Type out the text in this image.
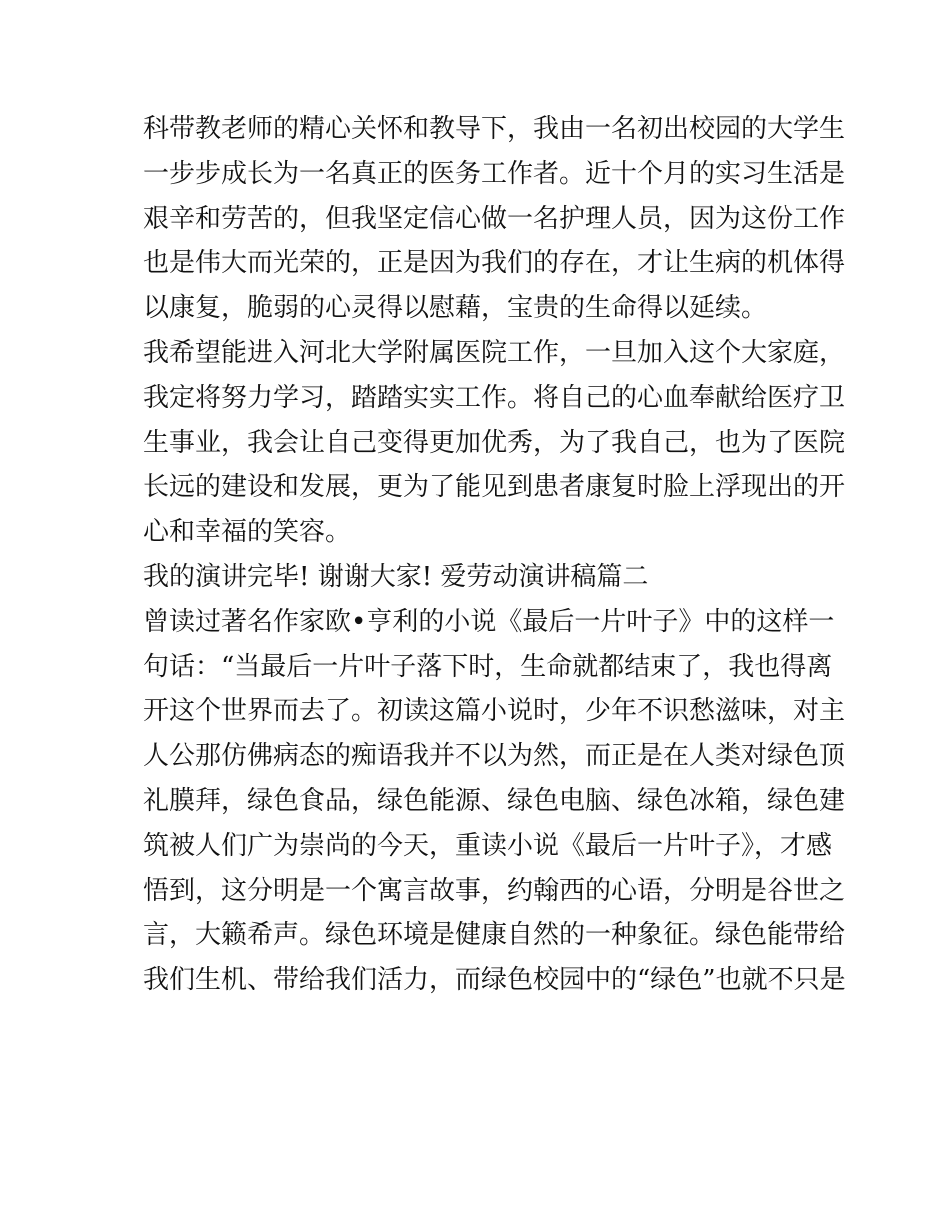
科带教老师的精心关怀和教导下，我由一名初出校园的大学生
一步步成长为一名真正的医务工作者。近十个月的实习生活是
艰辛和劳苦的，但我坚定信心做一名护理人员，因为这份工作
也是伟大而光荣的，正是因为我们的存在，才让生病的机体得
以康复，脆弱的心灵得以慰藉，宝贵的生命得以延续。
我希望能进入河北大学附属医院工作，一旦加入这个大家庭，
我定将努力学习，踏踏实实工作。将自己的心血奉献给医疗卫
生事业，我会让自己变得更加优秀，为了我自己，也为了医院
长远的建设和发展，更为了能见到患者康复时脸上浮现出的开
心和幸福的笑容。
我的演讲完毕! 谢谢大家! 爱劳动演讲稿篇二
曾读过著名作家欧•亨利的小说《最后一片叶子》中的这样一
句话：“当最后一片叶子落下时，生命就都结束了，我也得离
开这个世界而去了。初读这篇小说时，少年不识愁滋味，对主
人公那仿佛病态的痴语我并不以为然，而正是在人类对绿色顶
礼膜拜，绿色食品，绿色能源、绿色电脑、绿色冰箱，绿色建
筑被人们广为崇尚的今天，重读小说《最后一片叶子》，才感
悟到，这分明是一个寓言故事，约翰西的心语，分明是谷世之
言，大籁希声。绿色环境是健康自然的一种象征。绿色能带给
我们生机、带给我们活力，而绿色校园中的“绿色”也就不只是
